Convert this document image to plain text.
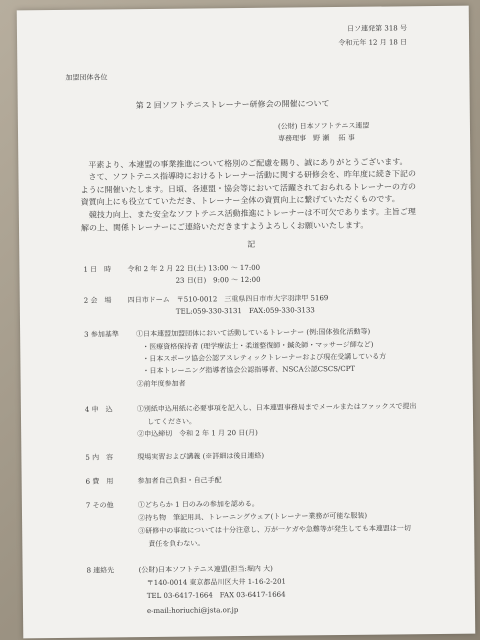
日ソ連発第 318 号
令和元年 12 月 18 日
加盟団体各位
第 2 回ソフトテニストレーナー研修会の開催について
(公財) 日本ソフトテニス連盟
専務理事　野 瀬　 拓 事
平素より、本連盟の事業推進について格別のご配慮を賜り、誠にありがとうございます。
さて、ソフトテニス指導時におけるトレーナー活動に関する研修会を、昨年度に続き下記のように開催いたします。日頃、各連盟・協会等において活躍されておられるトレーナーの方の資質向上にも役立てていただき、トレーナー全体の資質向上に繋げていただくものです。
競技力向上、また安全なソフトテニス活動推進にトレーナーは不可欠であります。主旨ご理解の上、関係トレーナーにご連絡いただきますようよろしくお願いいたします。
記
1 日　時 令和 2 年 2 月 22 日(土) 13:00 ～ 17:00
23 日(日)　9:00 ～ 12:00
2 会　場 四日市ドーム　〒510-0012　三重県四日市市大字羽津甲 5169
TEL:059-330-3131　FAX:059-330-3133
3 参加基準 ①日本連盟加盟団体において活動しているトレーナー (例:国体強化活動等)
・医療資格保持者 (理学療法士・柔道整復師・鍼灸師・マッサージ師など)
・日本スポーツ協会公認アスレティックトレーナーおよび現在受講している方
・日本トレーニング指導者協会公認指導者、NSCA公認CSCS/CPT
②前年度参加者
4 申　込	①別紙申込用紙に必要事項を記入し、日本連盟事務局までメールまたはファックスで提出
してください。
②申込締切　令和 2 年 1 月 20 日(月)
5 内　容	現場実習および講義 (※詳細は後日連絡)
6 費　用	参加者自己負担・自己手配
7 その他	①どちらか 1 日のみの参加を認める。
②持ち物　筆記用具、トレーニングウェア(トレーナー業務が可能な服装)
③研修中の事故については十分注意し、万が一ケガや急難等が発生しても本連盟は一切
責任を負わない。
8 連絡先	(公財)日本ソフトテニス連盟(担当:堀内 大)
〒140-0014 東京都品川区大井 1-16-2-201
TEL 03-6417-1664　FAX 03-6417-1664
e-mail:horiuchi@jsta.or.jp
